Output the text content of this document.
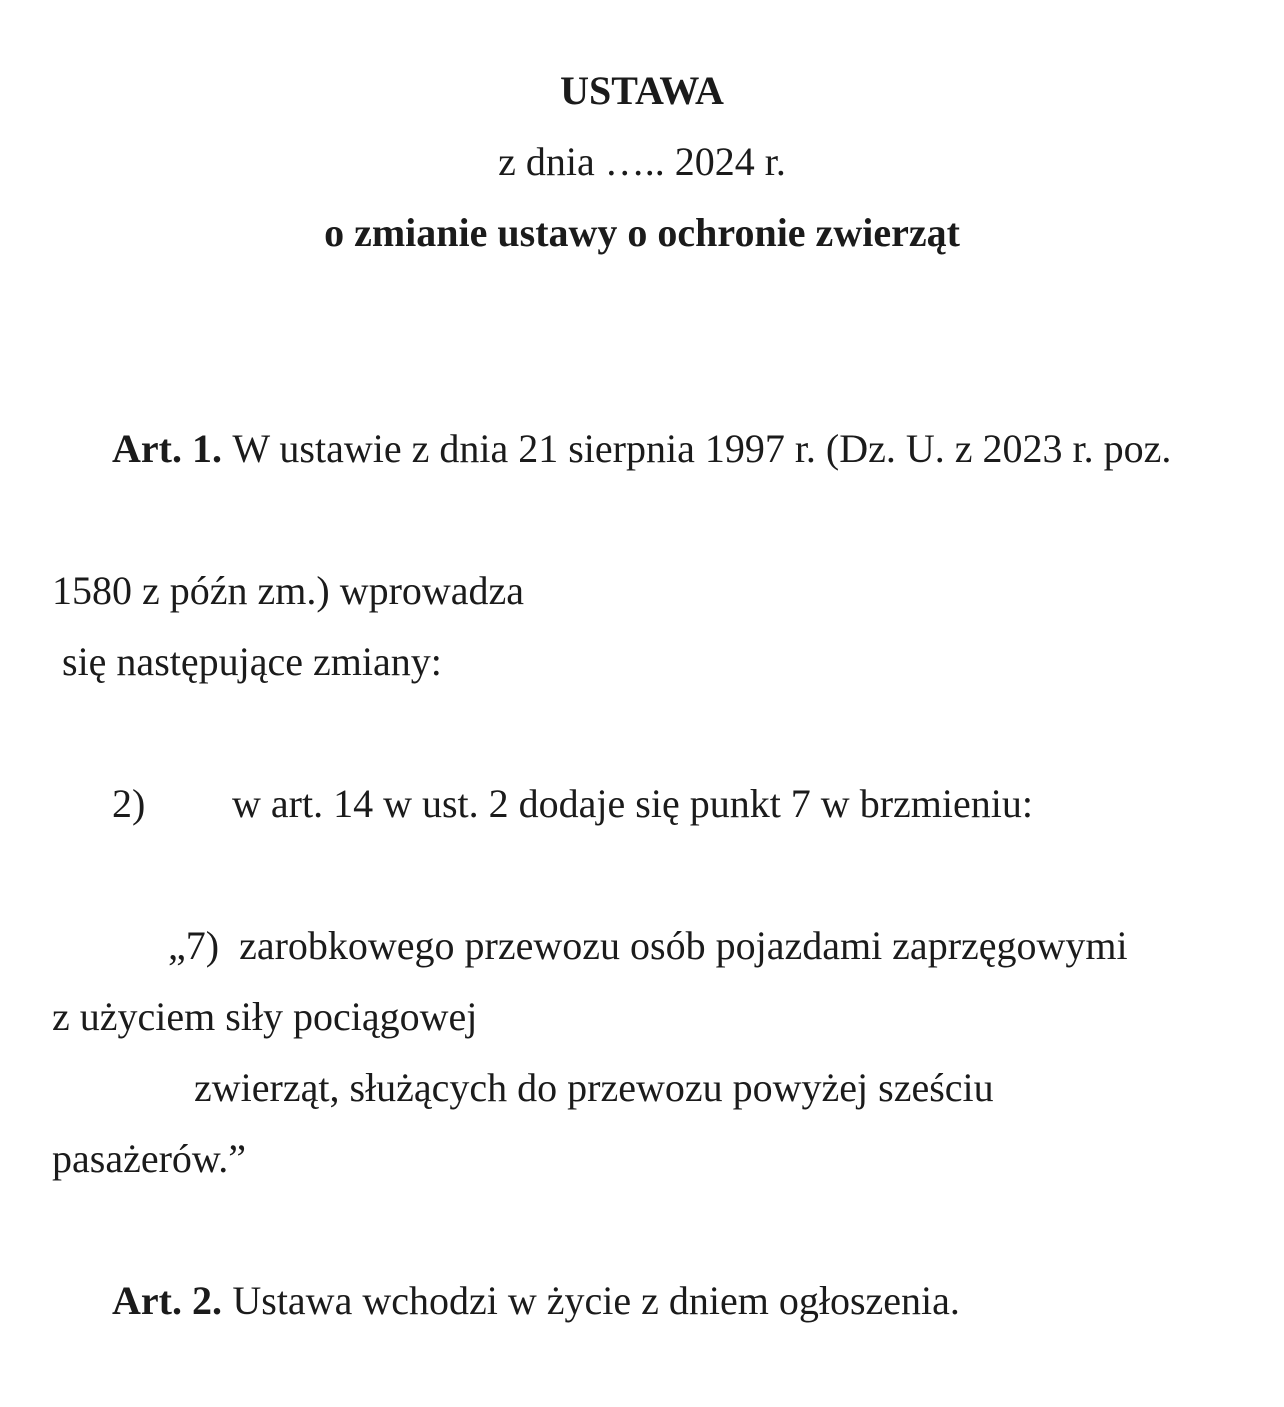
USTAWA
z dnia ….. 2024 r.
o zmianie ustawy o ochronie zwierząt

Art. 1. W ustawie z dnia 21 sierpnia 1997 r. (Dz. U. z 2023 r. poz.

1580 z późn zm.) wprowadza
się następujące zmiany:

2) w art. 14 w ust. 2 dodaje się punkt 7 w brzmieniu:

„7)  zarobkowego przewozu osób pojazdami zaprzęgowymi
z użyciem siły pociągowej
zwierząt, służących do przewozu powyżej sześciu
pasażerów.”

Art. 2. Ustawa wchodzi w życie z dniem ogłoszenia.
